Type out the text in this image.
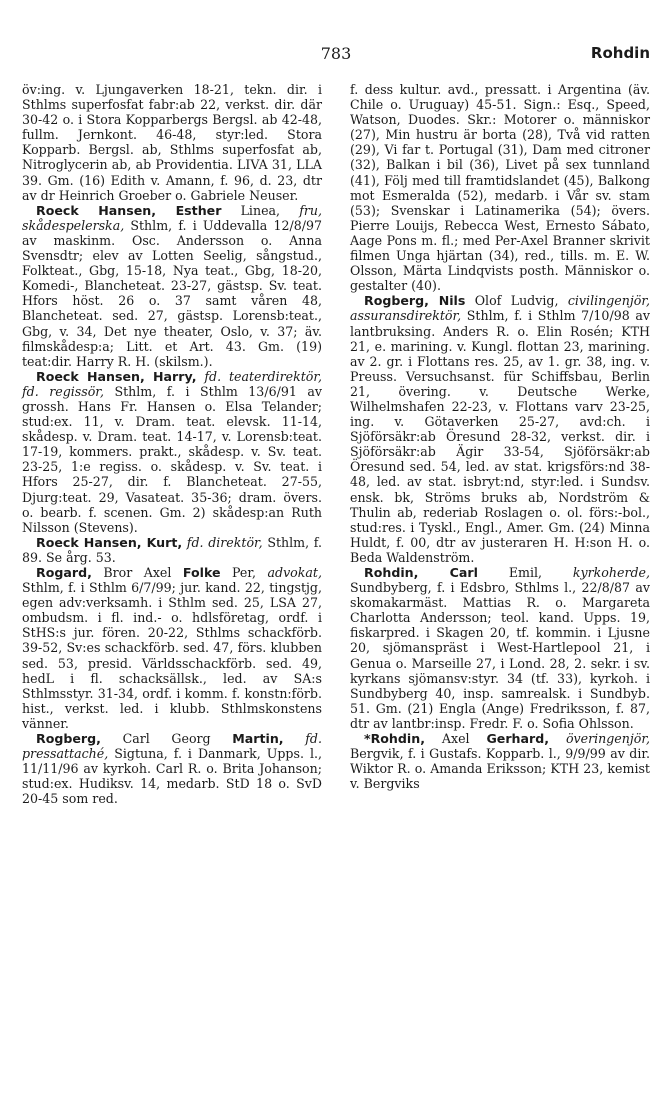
783	Rohdin

öv:ing. v. Ljungaverken 18-21, tekn. dir. i Sthlms superfosfat fabr:ab 22, verkst. dir. där 30-42 o. i Stora Kopparbergs Bergsl. ab 42-48, fullm. Jernkont. 46-48, styr:led. Stora Kopparb. Bergsl. ab, Sthlms superfosfat ab, Nitroglycerin ab, ab Providentia. LIVA 31, LLA 39. Gm. (16) Edith v. Amann, f. 96, d. 23, dtr av dr Heinrich Groeber o. Gabriele Neuser.

Roeck Hansen, Esther Linea, fru, skådespelerska, Sthlm, f. i Uddevalla 12/8/97 av maskinm. Osc. Andersson o. Anna Svensdtr; elev av Lotten Seelig, sångstud., Folkteat., Gbg, 15-18, Nya teat., Gbg, 18-20, Komedi-, Blancheteat. 23-27, gästsp. Sv. teat. Hfors höst. 26 o. 37 samt våren 48, Blancheteat. sed. 27, gästsp. Lorensb:teat., Gbg, v. 34, Det nye theater, Oslo, v. 37; äv. filmskådesp:a; Litt. et Art. 43. Gm. (19) teat:dir. Harry R. H. (skilsm.).

Roeck Hansen, Harry, fd. teaterdirektör, fd. regissör, Sthlm, f. i Sthlm 13/6/91 av grossh. Hans Fr. Hansen o. Elsa Telander; stud:ex. 11, v. Dram. teat. elevsk. 11-14, skådesp. v. Dram. teat. 14-17, v. Lorensb:teat. 17-19, kommers. prakt., skådesp. v. Sv. teat. 23-25, 1:e regiss. o. skådesp. v. Sv. teat. i Hfors 25-27, dir. f. Blancheteat. 27-55, Djurg:teat. 29, Vasateat. 35-36; dram. övers. o. bearb. f. scenen. Gm. 2) skådesp:an Ruth Nilsson (Stevens).

Roeck Hansen, Kurt, fd. direktör, Sthlm, f. 89. Se årg. 53.

Rogard, Bror Axel Folke Per, advokat, Sthlm, f. i Sthlm 6/7/99; jur. kand. 22, tingstjg, egen adv:verksamh. i Sthlm sed. 25, LSA 27, ombudsm. i fl. ind.- o. hdlsföretag, ordf. i StHS:s jur. fören. 20-22, Sthlms schackförb. 39-52, Sv:es schackförb. sed. 47, förs. klubben sed. 53, presid. Världsschackförb. sed. 49, hedL i fl. schacksällsk., led. av SA:s Sthlmsstyr. 31-34, ordf. i komm. f. konstn:förb. hist., verkst. led. i klubb. Sthlmskonstens vänner.

Rogberg, Carl Georg Martin, fd. pressattaché, Sigtuna, f. i Danmark, Upps. l., 11/11/96 av kyrkoh. Carl R. o. Brita Johanson; stud:ex. Hudiksv. 14, medarb. StD 18 o. SvD 20-45 som red.

f. dess kultur. avd., pressatt. i Argentina (äv. Chile o. Uruguay) 45-51. Sign.: Esq., Speed, Watson, Duodes. Skr.: Motorer o. människor (27), Min hustru är borta (28), Två vid ratten (29), Vi far t. Portugal (31), Dam med citroner (32), Balkan i bil (36), Livet på sex tunnland (41), Följ med till framtidslandet (45), Balkong mot Esmeralda (52), medarb. i Vår sv. stam (53); Svenskar i Latinamerika (54); övers. Pierre Louijs, Rebecca West, Ernesto Sábato, Aage Pons m. fl.; med Per-Axel Branner skrivit filmen Unga hjärtan (34), red., tills. m. E. W. Olsson, Märta Lindqvists posth. Människor o. gestalter (40).

Rogberg, Nils Olof Ludvig, civilingenjör, assuransdirektör, Sthlm, f. i Sthlm 7/10/98 av lantbruksing. Anders R. o. Elin Rosén; KTH 21, e. marining. v. Kungl. flottan 23, marining. av 2. gr. i Flottans res. 25, av 1. gr. 38, ing. v. Preuss. Versuchsanst. für Schiffsbau, Berlin 21, övering. v. Deutsche Werke, Wilhelmshafen 22-23, v. Flottans varv 23-25, ing. v. Götaverken 25-27, avd:ch. i Sjöförsäkr:ab Öresund 28-32, verkst. dir. i Sjöförsäkr:ab Ägir 33-54, Sjöförsäkr:ab Öresund sed. 54, led. av stat. krigsförs:nd 38-48, led. av stat. isbryt:nd, styr:led. i Sundsv. ensk. bk, Ströms bruks ab, Nordström & Thulin ab, rederiab Roslagen o. ol. förs:-bol., stud:res. i Tyskl., Engl., Amer. Gm. (24) Minna Huldt, f. 00, dtr av justeraren H. H:son H. o. Beda Waldenström.

Rohdin, Carl Emil, kyrkoherde, Sundbyberg, f. i Edsbro, Sthlms l., 22/8/87 av skomakarmäst. Mattias R. o. Margareta Charlotta Andersson; teol. kand. Upps. 19, fiskarpred. i Skagen 20, tf. kommin. i Ljusne 20, sjömanspräst i West-Hartlepool 21, i Genua o. Marseille 27, i Lond. 28, 2. sekr. i sv. kyrkans sjömansv:styr. 34 (tf. 33), kyrkoh. i Sundbyberg 40, insp. samrealsk. i Sundbyb. 51. Gm. (21) Engla (Ange) Fredriksson, f. 87, dtr av lantbr:insp. Fredr. F. o. Sofia Ohlsson.

*Rohdin, Axel Gerhard, överingenjör, Bergvik, f. i Gustafs. Kopparb. l., 9/9/99 av dir. Wiktor R. o. Amanda Eriksson; KTH 23, kemist v. Bergviks
